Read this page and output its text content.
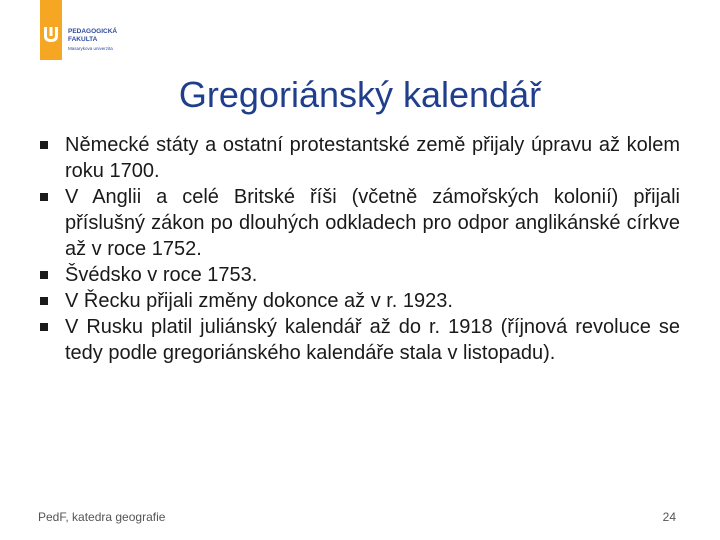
PEDAGOGICKÁ
FAKULTA
Masarykova univerzita
Gregoriánský kalendář
Německé státy a ostatní protestantské země přijaly úpravu až kolem roku 1700.
V Anglii a celé Britské říši (včetně zámořských kolonií) přijali příslušný zákon po dlouhých odkladech pro odpor anglikánské církve až v roce 1752.
Švédsko v roce 1753.
V Řecku přijali změny dokonce až v r. 1923.
V Rusku platil juliánský kalendář až do r. 1918 (říjnová revoluce se tedy podle gregoriánského kalendáře stala v listopadu).
PedF, katedra geografie	24
